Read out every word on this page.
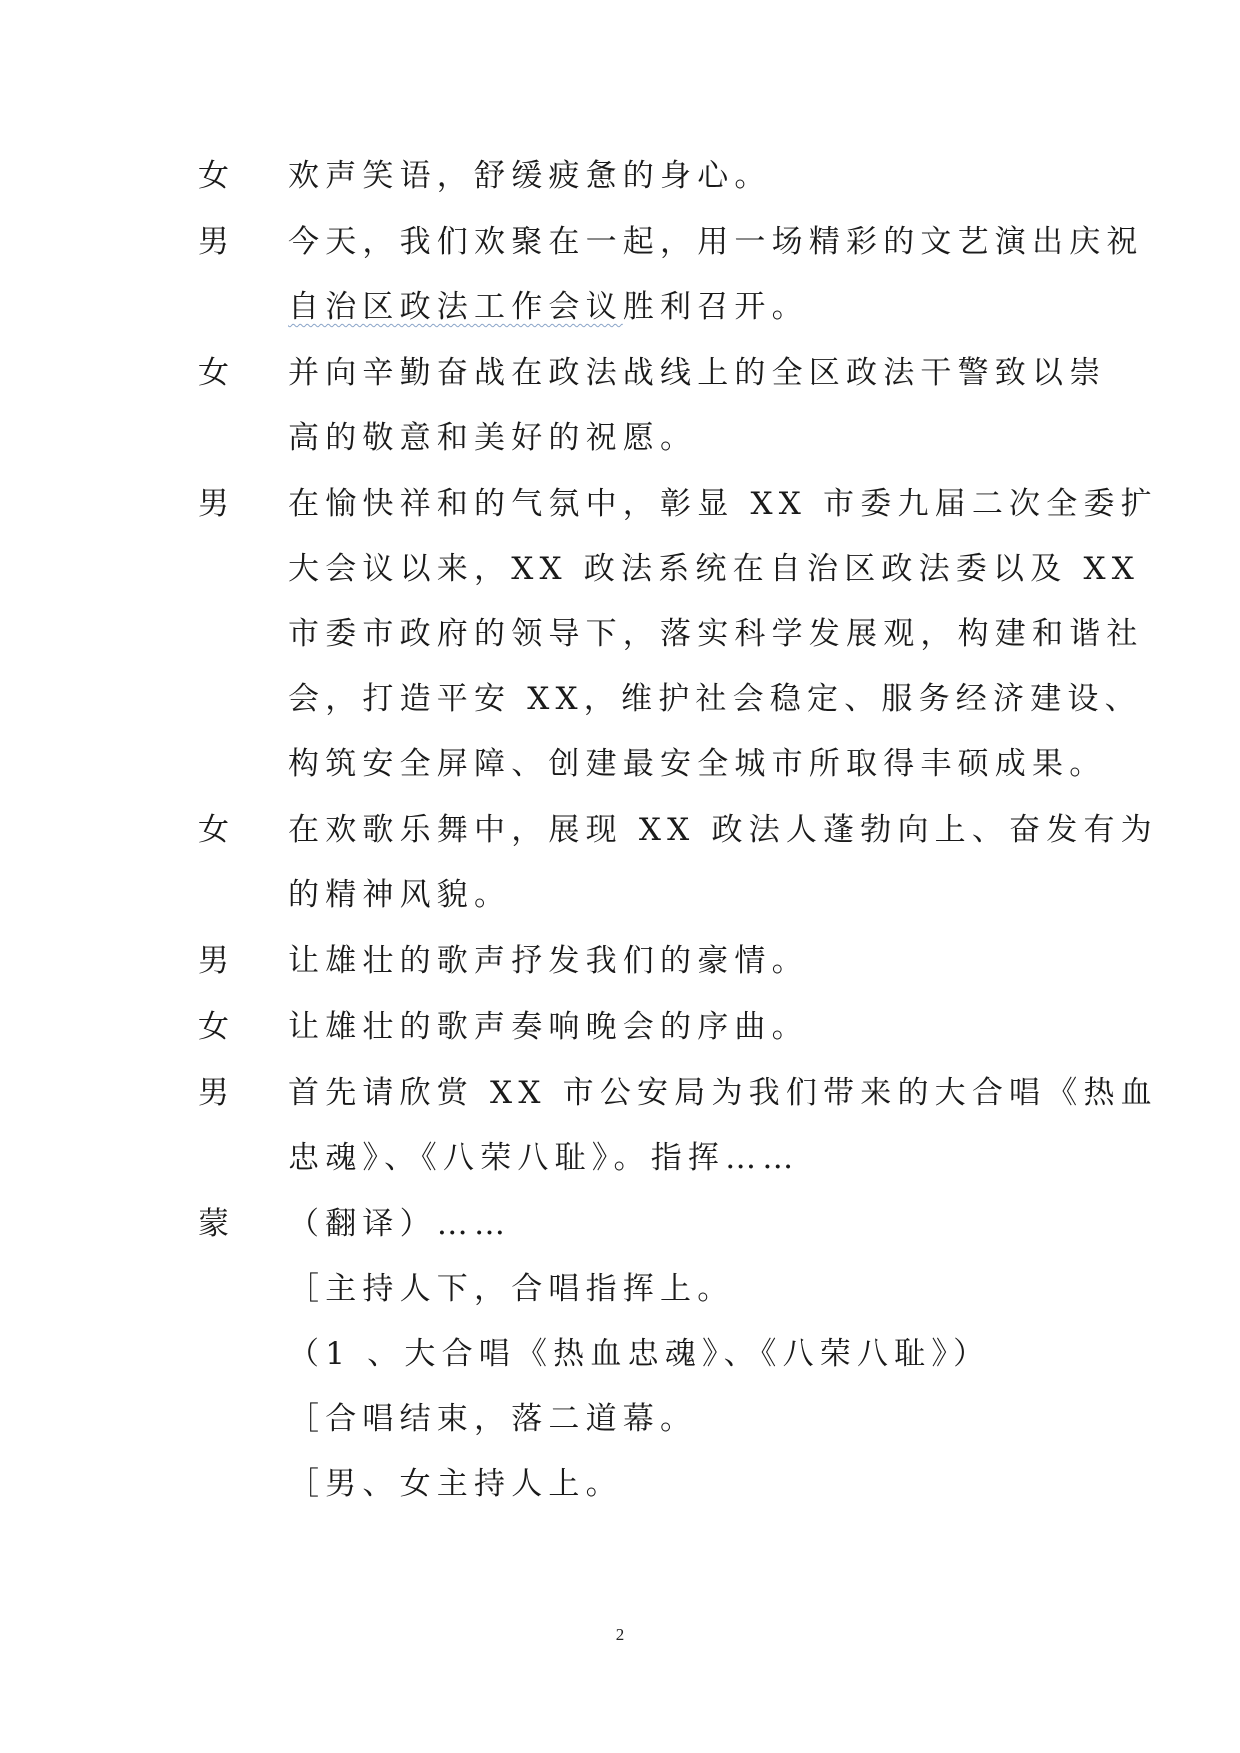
女	欢声笑语，舒缓疲惫的身心。
男	今天，我们欢聚在一起，用一场精彩的文艺演出庆祝
自治区政法工作会议胜利召开。
女	并向辛勤奋战在政法战线上的全区政法干警致以崇
高的敬意和美好的祝愿。
男	在愉快祥和的气氛中，彰显 XX 市委九届二次全委扩
大会议以来，XX 政法系统在自治区政法委以及 XX
市委市政府的领导下，落实科学发展观，构建和谐社
会，打造平安 XX，维护社会稳定、服务经济建设、
构筑安全屏障、创建最安全城市所取得丰硕成果。
女	在欢歌乐舞中，展现 XX 政法人蓬勃向上、奋发有为
的精神风貌。
男	让雄壮的歌声抒发我们的豪情。
女	让雄壮的歌声奏响晚会的序曲。
男	首先请欣赏 XX 市公安局为我们带来的大合唱《热血
忠魂》、《八荣八耻》。指挥……
蒙	（翻译）……
［主持人下，合唱指挥上。
（1 、大合唱《热血忠魂》、《八荣八耻》）
［合唱结束，落二道幕。
［男、女主持人上。
2
